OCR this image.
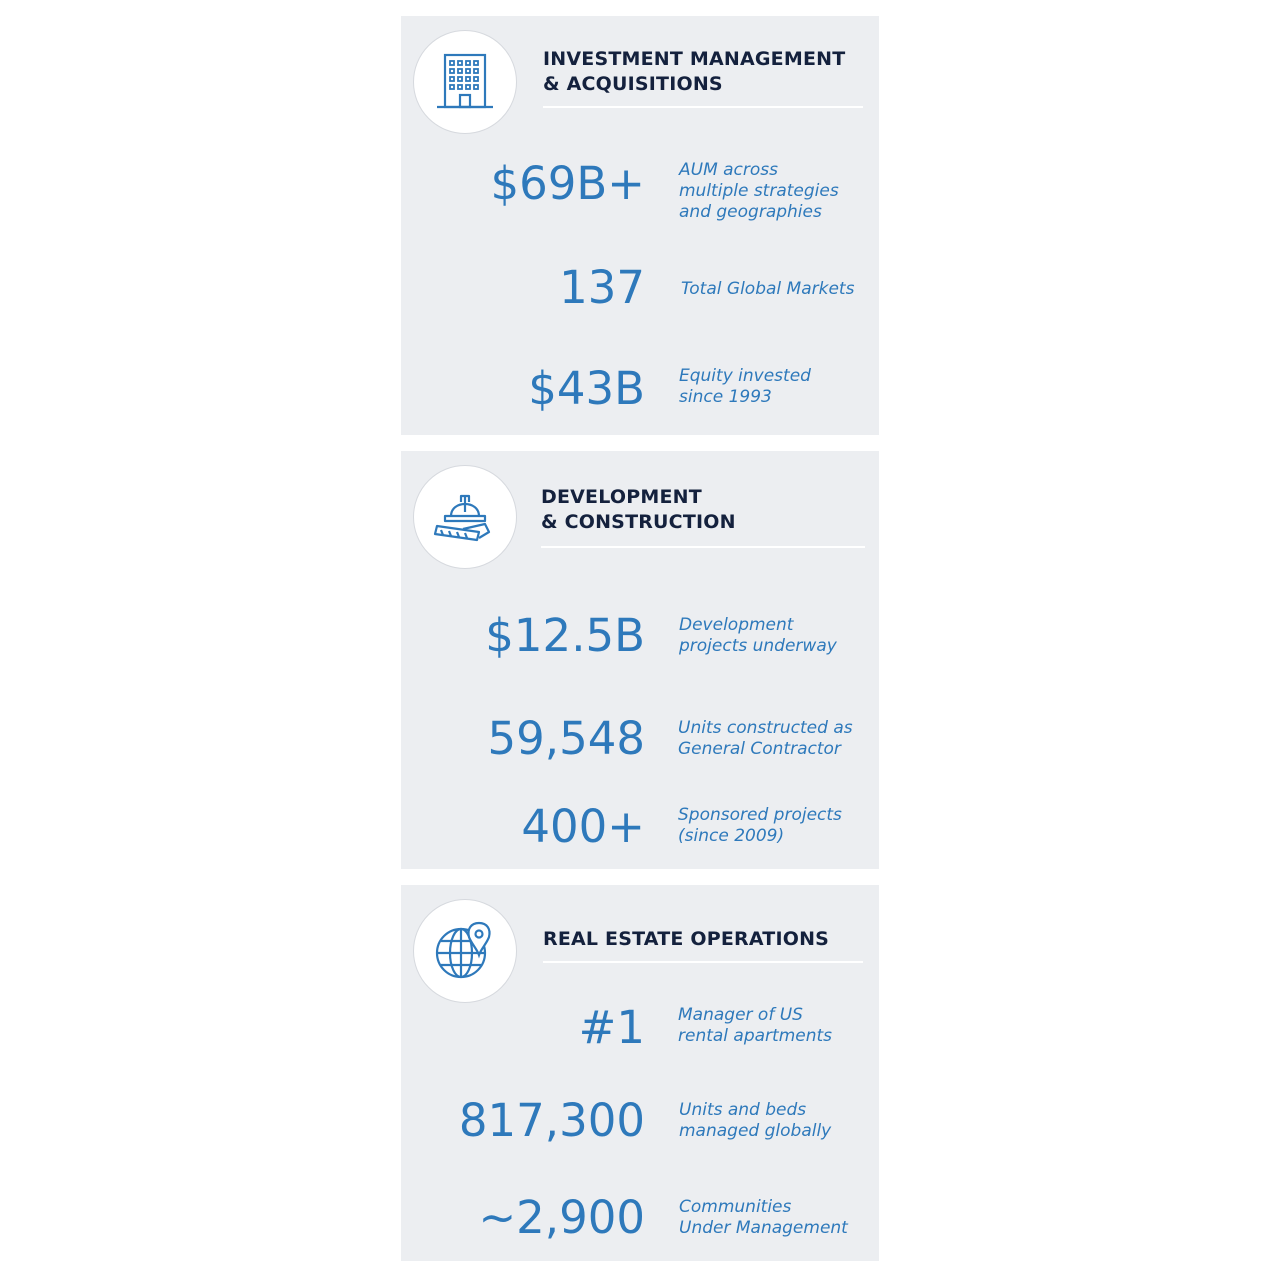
INVESTMENT MANAGEMENT
& ACQUISITIONS
$69B+ AUM across
multiple strategies
and geographies
137 Total Global Markets
$43B Equity invested
since 1993
DEVELOPMENT
& CONSTRUCTION
$12.5B Development
projects underway
59,548 Units constructed as
General Contractor
400+ Sponsored projects
(since 2009)
REAL ESTATE OPERATIONS
#1 Manager of US
rental apartments
817,300 Units and beds
managed globally
~2,900 Communities
Under Management
